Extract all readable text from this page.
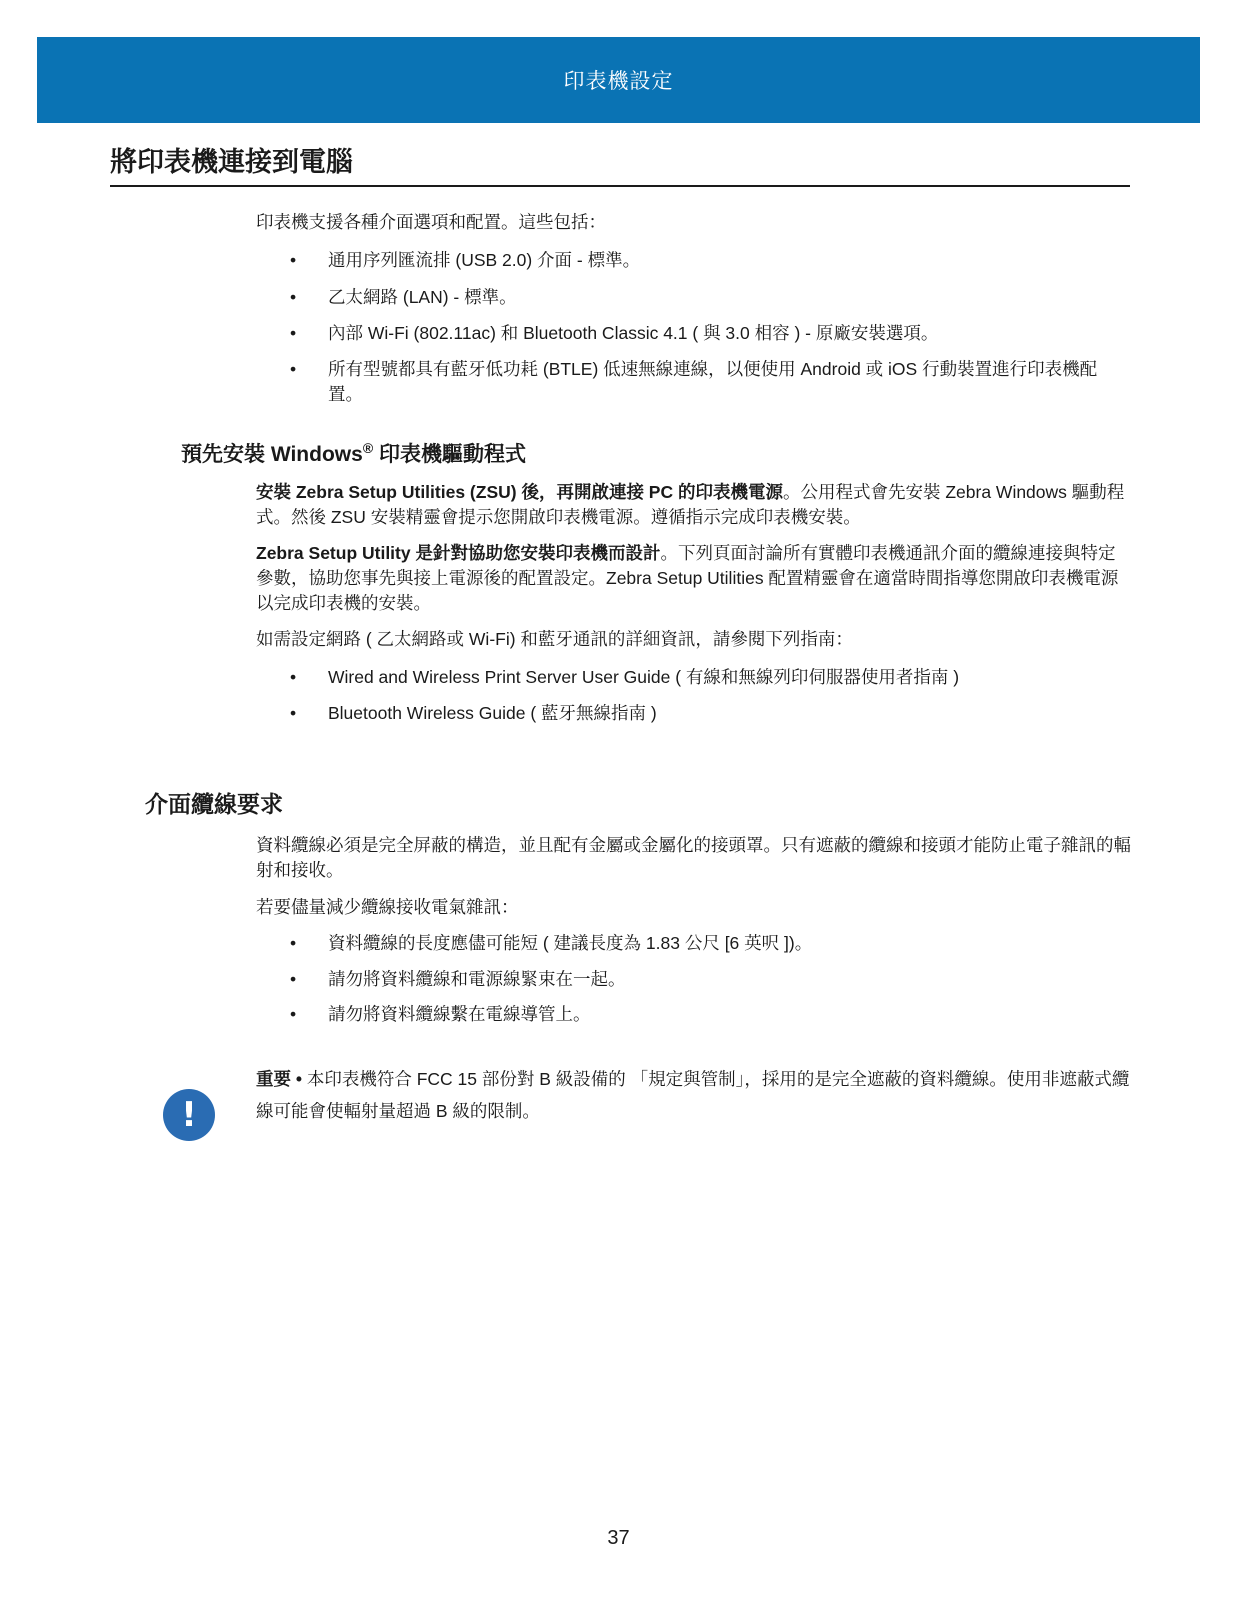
印表機設定
將印表機連接到電腦
印表機支援各種介面選項和配置。這些包括：
• 通用序列匯流排 (USB 2.0) 介面 - 標準。
• 乙太網路 (LAN) - 標準。
• 內部 Wi-Fi (802.11ac) 和 Bluetooth Classic 4.1 ( 與 3.0 相容 ) - 原廠安裝選項。
• 所有型號都具有藍牙低功耗 (BTLE) 低速無線連線，以便使用 Android 或 iOS 行動裝置進行印表機配置。
預先安裝 Windows® 印表機驅動程式
安裝 Zebra Setup Utilities (ZSU) 後，再開啟連接 PC 的印表機電源。公用程式會先安裝 Zebra Windows 驅動程式。然後 ZSU 安裝精靈會提示您開啟印表機電源。遵循指示完成印表機安裝。
Zebra Setup Utility 是針對協助您安裝印表機而設計。下列頁面討論所有實體印表機通訊介面的纜線連接與特定參數，協助您事先與接上電源後的配置設定。Zebra Setup Utilities 配置精靈會在適當時間指導您開啟印表機電源以完成印表機的安裝。
如需設定網路 ( 乙太網路或 Wi-Fi) 和藍牙通訊的詳細資訊，請參閱下列指南：
• Wired and Wireless Print Server User Guide ( 有線和無線列印伺服器使用者指南 )
• Bluetooth Wireless Guide ( 藍牙無線指南 )
介面纜線要求
資料纜線必須是完全屏蔽的構造，並且配有金屬或金屬化的接頭罩。只有遮蔽的纜線和接頭才能防止電子雜訊的輻射和接收。
若要儘量減少纜線接收電氣雜訊：
• 資料纜線的長度應儘可能短 ( 建議長度為 1.83 公尺 [6 英呎 ])。
• 請勿將資料纜線和電源線緊束在一起。
• 請勿將資料纜線繫在電線導管上。
!
重要 • 本印表機符合 FCC 15 部份對 B 級設備的 「規定與管制」，採用的是完全遮蔽的資料纜線。使用非遮蔽式纜線可能會使輻射量超過 B 級的限制。
37
